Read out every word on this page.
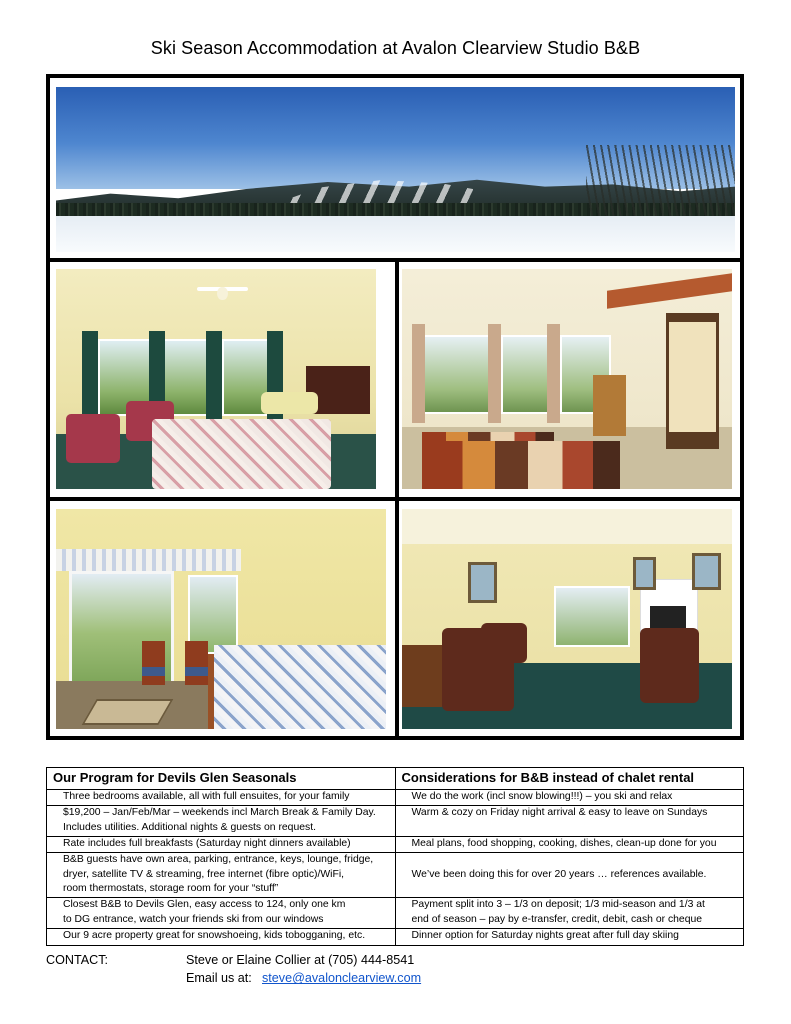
Ski Season Accommodation at Avalon Clearview Studio B&B
Our Program for Devils Glen Seasonals	Considerations for B&B instead of chalet rental

Three bedrooms available, all with full ensuites, for your family	We do the work (incl snow blowing!!!) – you ski and relax

$19,200 – Jan/Feb/Mar – weekends incl March Break & Family Day.
Includes utilities. Additional nights & guests on request.	Warm & cozy on Friday night arrival & easy to leave on Sundays

Rate includes full breakfasts (Saturday night dinners available)	Meal plans, food shopping, cooking, dishes, clean-up done for you

B&B guests have own area, parking, entrance, keys, lounge, fridge,
dryer, satellite TV & streaming, free internet (fibre optic)/WiFi,
room thermostats, storage room for your “stuff”	We’ve been doing this for over 20 years … references available.

Closest B&B to Devils Glen, easy access to 124, only one km
to DG entrance, watch your friends ski from our windows	Payment split into 3 – 1/3 on deposit; 1/3 mid-season and 1/3 at
end of season – pay by e-transfer, credit, debit, cash or cheque

Our 9 acre property great for snowshoeing, kids tobogganing, etc.	Dinner option for Saturday nights great after full day skiing
CONTACT:	Steve or Elaine Collier at (705) 444-8541
Email us at: steve@avalonclearview.com
